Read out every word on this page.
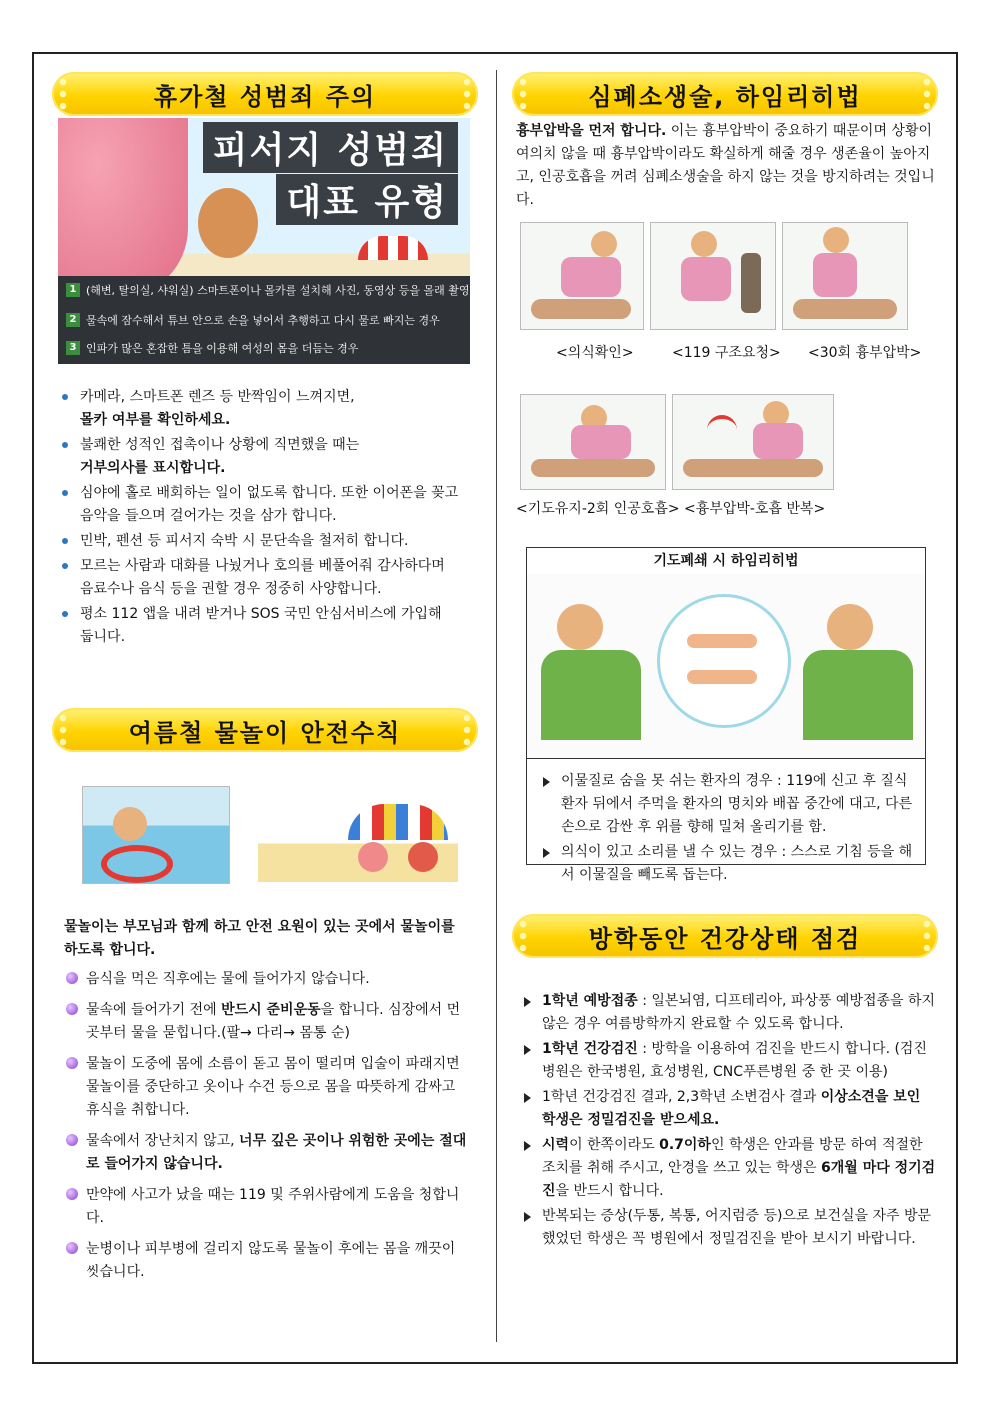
휴가철 성범죄 주의
피서지 성범죄
대표 유형
1 (해변, 탈의실, 샤워실) 스마트폰이나 몰카를 설치해 사진, 동영상 등을 몰래 촬영
2 물속에 잠수해서 튜브 안으로 손을 넣어서 추행하고 다시 물로 빠지는 경우
3 인파가 많은 혼잡한 틈을 이용해 여성의 몸을 더듬는 경우
카메라, 스마트폰 렌즈 등 반짝임이 느껴지면,
몰카 여부를 확인하세요.
불쾌한 성적인 접촉이나 상황에 직면했을 때는
거부의사를 표시합니다.
심야에 홀로 배회하는 일이 없도록 합니다. 또한 이어폰을 꽂고
음악을 들으며 걸어가는 것을 삼가 합니다.
민박, 펜션 등 피서지 숙박 시 문단속을 철저히 합니다.
모르는 사람과 대화를 나눴거나 호의를 베풀어줘 감사하다며
음료수나 음식 등을 권할 경우 정중히 사양합니다.
평소 112 앱을 내려 받거나 SOS 국민 안심서비스에 가입해
둡니다.
여름철 물놀이 안전수칙

물놀이는 부모님과 함께 하고 안전 요원이 있는 곳에서 물놀이를 하도록 합니다.

음식을 먹은 직후에는 물에 들어가지 않습니다.
물속에 들어가기 전에 반드시 준비운동을 합니다. 심장에서 먼 곳부터 물을 묻힙니다.(팔→ 다리→ 몸통 순)
물놀이 도중에 몸에 소름이 돋고 몸이 떨리며 입술이 파래지면 물놀이를 중단하고 옷이나 수건 등으로 몸을 따뜻하게 감싸고 휴식을 취합니다.
물속에서 장난치지 않고, 너무 깊은 곳이나 위험한 곳에는 절대로 들어가지 않습니다.
만약에 사고가 났을 때는 119 및 주위사람에게 도움을 청합니다.
눈병이나 피부병에 걸리지 않도록 물놀이 후에는 몸을 깨끗이 씻습니다.
심폐소생술, 하임리히법

흉부압박을 먼저 합니다. 이는 흉부압박이 중요하기 때문이며 상황이 여의치 않을 때 흉부압박이라도 확실하게 해줄 경우 생존율이 높아지고, 인공호흡을 꺼려 심폐소생술을 하지 않는 것을 방지하려는 것입니다.

<의식확인>	<119 구조요청> <30회 흉부압박>
<기도유지-2회 인공호흡> <흉부압박-호흡 반복>
기도폐쇄 시 하임리히법
이물질로 숨을 못 쉬는 환자의 경우 : 119에 신고 후 질식 환자 뒤에서 주먹을 환자의 명치와 배꼽 중간에 대고, 다른 손으로 감싼 후 위를 향해 밀쳐 올리기를 함.
의식이 있고 소리를 낼 수 있는 경우 : 스스로 기침 등을 해서 이물질을 빼도록 돕는다.
방학동안 건강상태 점검
1학년 예방접종 : 일본뇌염, 디프테리아, 파상풍 예방접종을 하지 않은 경우 여름방학까지 완료할 수 있도록 합니다.
1학년 건강검진 : 방학을 이용하여 검진을 반드시 합니다. (검진병원은 한국병원, 효성병원, CNC푸른병원 중 한 곳 이용)
1학년 건강검진 결과, 2,3학년 소변검사 결과 이상소견을 보인 학생은 정밀검진을 받으세요.
시력이 한쪽이라도 0.7이하인 학생은 안과를 방문 하여 적절한 조치를 취해 주시고, 안경을 쓰고 있는 학생은 6개월 마다 정기검진을 반드시 합니다.
반복되는 증상(두통, 복통, 어지럼증 등)으로 보건실을 자주 방문했었던 학생은 꼭 병원에서 정밀검진을 받아 보시기 바랍니다.
